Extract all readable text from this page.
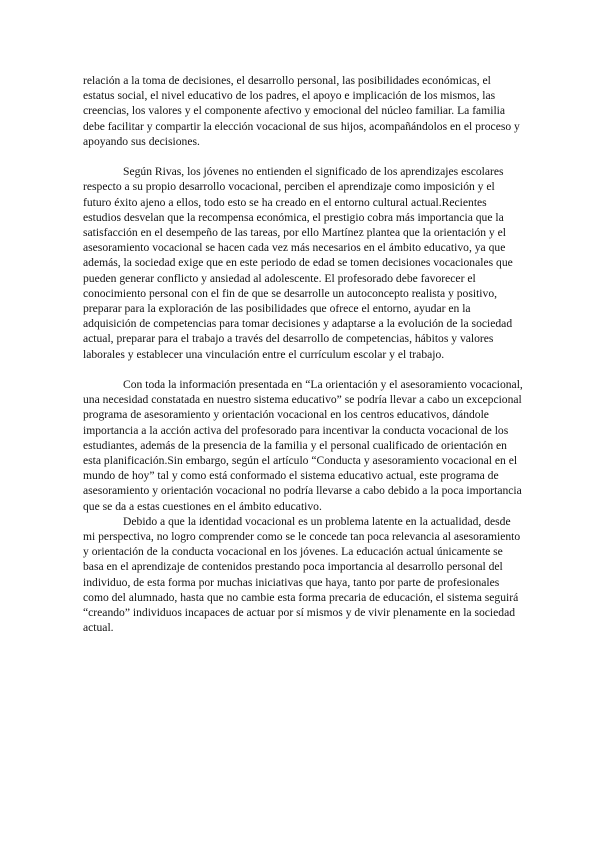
relación a la toma de decisiones, el desarrollo personal, las posibilidades económicas, el estatus social, el nivel educativo de los padres, el apoyo e implicación de los mismos, las creencias, los valores y el componente afectivo y emocional del núcleo familiar. La familia debe facilitar y compartir la elección vocacional de sus hijos, acompañándolos en el proceso y apoyando sus decisiones.

Según Rivas, los jóvenes no entienden el significado de los aprendizajes escolares respecto a su propio desarrollo vocacional, perciben el aprendizaje como imposición y el futuro éxito ajeno a ellos, todo esto se ha creado en el entorno cultural actual.Recientes estudios desvelan que la recompensa económica, el prestigio cobra más importancia que la satisfacción en el desempeño de las tareas, por ello Martínez plantea que la orientación y el asesoramiento vocacional se hacen cada vez más necesarios en el ámbito educativo, ya que además, la sociedad exige que en este periodo de edad se tomen decisiones vocacionales que pueden generar conflicto y ansiedad al adolescente. El profesorado debe favorecer el conocimiento personal con el fin de que se desarrolle un autoconcepto realista y positivo, preparar para la exploración de las posibilidades que ofrece el entorno, ayudar en la adquisición de competencias para tomar decisiones y adaptarse a la evolución de la sociedad actual, preparar para el trabajo a través del desarrollo de competencias, hábitos y valores laborales y establecer una vinculación entre el currículum escolar y el trabajo.

Con toda la información presentada en “La orientación y el asesoramiento vocacional, una necesidad constatada en nuestro sistema educativo” se podría llevar a cabo un excepcional programa de asesoramiento y orientación vocacional en los centros educativos, dándole importancia a la acción activa del profesorado para incentivar la conducta vocacional de los estudiantes, además de la presencia de la familia y el personal cualificado de orientación en esta planificación.Sin embargo, según el artículo “Conducta y asesoramiento vocacional en el mundo de hoy” tal y como está conformado el sistema educativo actual, este programa de asesoramiento y orientación vocacional no podría llevarse a cabo debido a la poca importancia que se da a estas cuestiones en el ámbito educativo.

Debido a que la identidad vocacional es un problema latente en la actualidad, desde mi perspectiva, no logro comprender como se le concede tan poca relevancia al asesoramiento y orientación de la conducta vocacional en los jóvenes. La educación actual únicamente se basa en el aprendizaje de contenidos prestando poca importancia al desarrollo personal del individuo, de esta forma por muchas iniciativas que haya, tanto por parte de profesionales como del alumnado, hasta que no cambie esta forma precaria de educación, el sistema seguirá “creando” individuos incapaces de actuar por sí mismos y de vivir plenamente en la sociedad actual.
